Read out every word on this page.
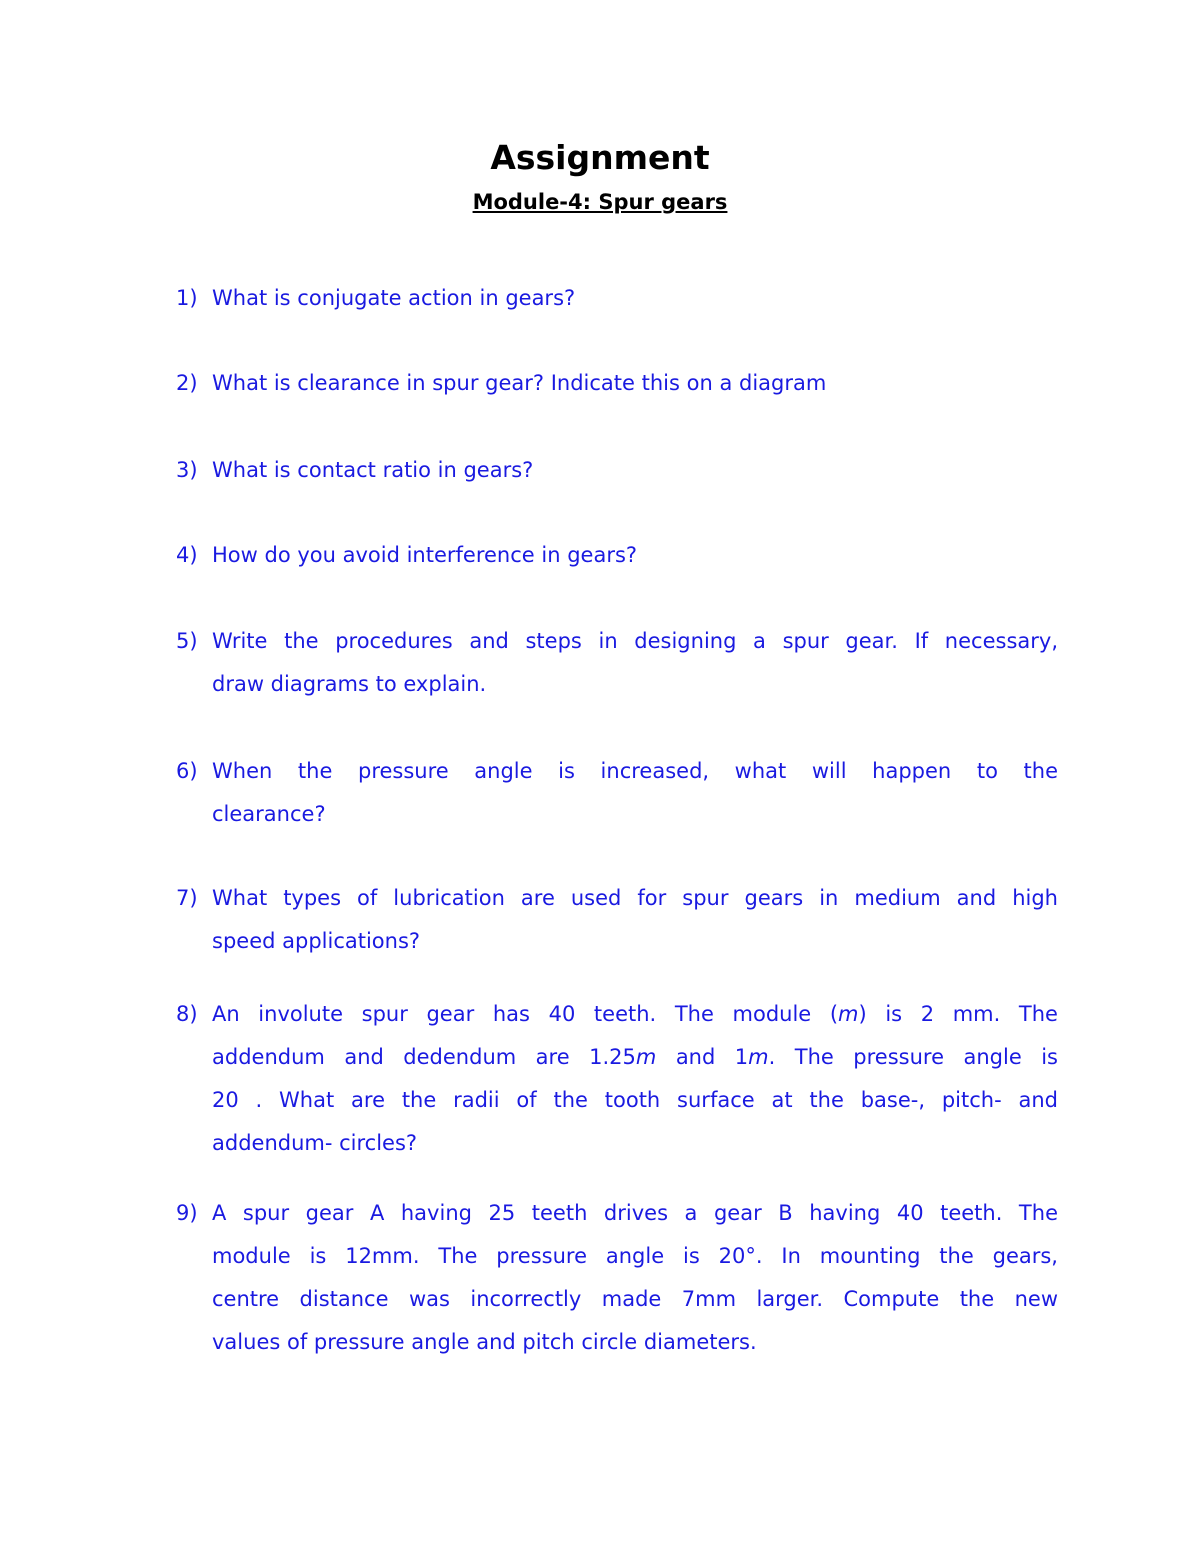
Assignment
Module-4: Spur gears
1) What is conjugate action in gears?
2) What is clearance in spur gear? Indicate this on a diagram
3) What is contact ratio in gears?
4) How do you avoid interference in gears?
5) Write the procedures and steps in designing a spur gear. If necessary,
draw diagrams to explain.
6) When the pressure angle is increased, what will happen to the
clearance?
7) What types of lubrication are used for spur gears in medium and high
speed applications?
8) An involute spur gear has 40 teeth. The module (m) is 2 mm. The
addendum and dedendum are 1.25m and 1m. The pressure angle is
20 . What are the radii of the tooth surface at the base-, pitch- and
addendum- circles?
9) A spur gear A having 25 teeth drives a gear B having 40 teeth. The
module is 12mm. The pressure angle is 20°. In mounting the gears,
centre distance was incorrectly made 7mm larger. Compute the new
values of pressure angle and pitch circle diameters.
